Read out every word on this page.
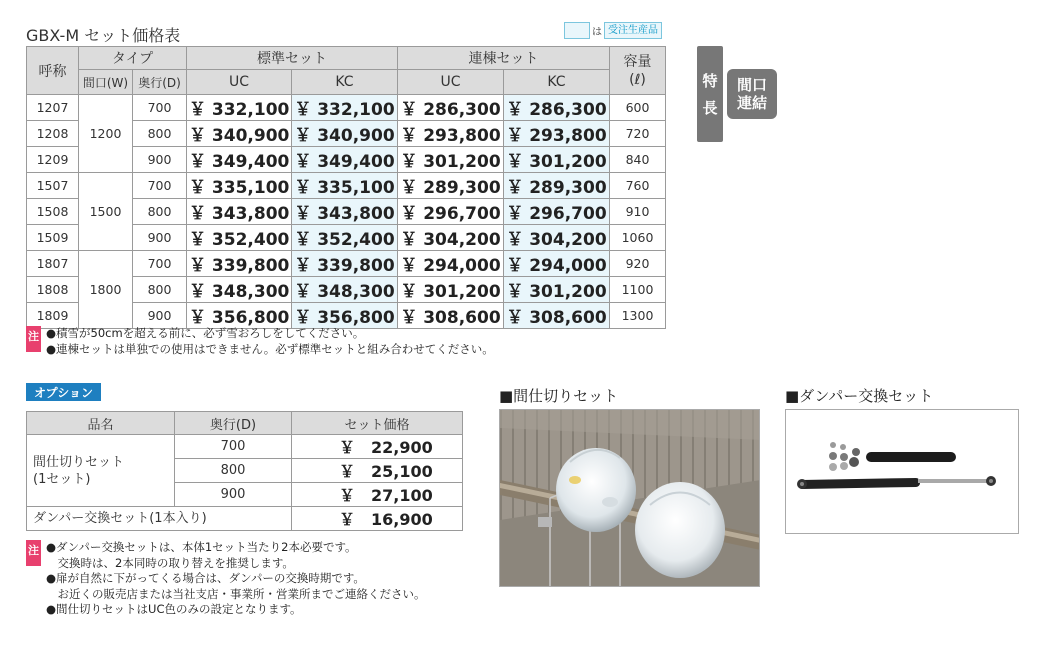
GBX-M セット価格表	は 受注生産品
呼称	タイプ		標準セット		連棟セット		容量
(ℓ)
	間口(W)	奥行(D)	UC	KC	UC	KC	
1207	1200	700	￥ 332,100	￥ 332,100	￥ 286,300	￥ 286,300	600
1208		800	￥ 340,900	￥ 340,900	￥ 293,800	￥ 293,800	720
1209		900	￥ 349,400	￥ 349,400	￥ 301,200	￥ 301,200	840
1507	1500	700	￥ 335,100	￥ 335,100	￥ 289,300	￥ 289,300	760
1508		800	￥ 343,800	￥ 343,800	￥ 296,700	￥ 296,700	910
1509		900	￥ 352,400	￥ 352,400	￥ 304,200	￥ 304,200	1060
1807	1800	700	￥ 339,800	￥ 339,800	￥ 294,000	￥ 294,000	920
1808		800	￥ 348,300	￥ 348,300	￥ 301,200	￥ 301,200	1100
1809		900	￥ 356,800	￥ 356,800	￥ 308,600	￥ 308,600	1300
特
長
間口
連結
注 ●積雪が50cmを超える前に、必ず雪おろしをしてください。
●連棟セットは単独での使用はできません。必ず標準セットと組み合わせてください。
オプション
品名	奥行(D)	セット価格
間仕切りセット
(1セット)	700	￥　22,900
	800	￥　25,100
	900	￥　27,100
ダンパー交換セット(1本入り)		￥　16,900
注 ●ダンパー交換セットは、本体1セット当たり2本必要です。
　交換時は、2本同時の取り替えを推奨します。
●扉が自然に下がってくる場合は、ダンパーの交換時期です。
　お近くの販売店または当社支店・事業所・営業所までご連絡ください。
●間仕切りセットはUC色のみの設定となります。
■間仕切りセット	■ダンパー交換セット
